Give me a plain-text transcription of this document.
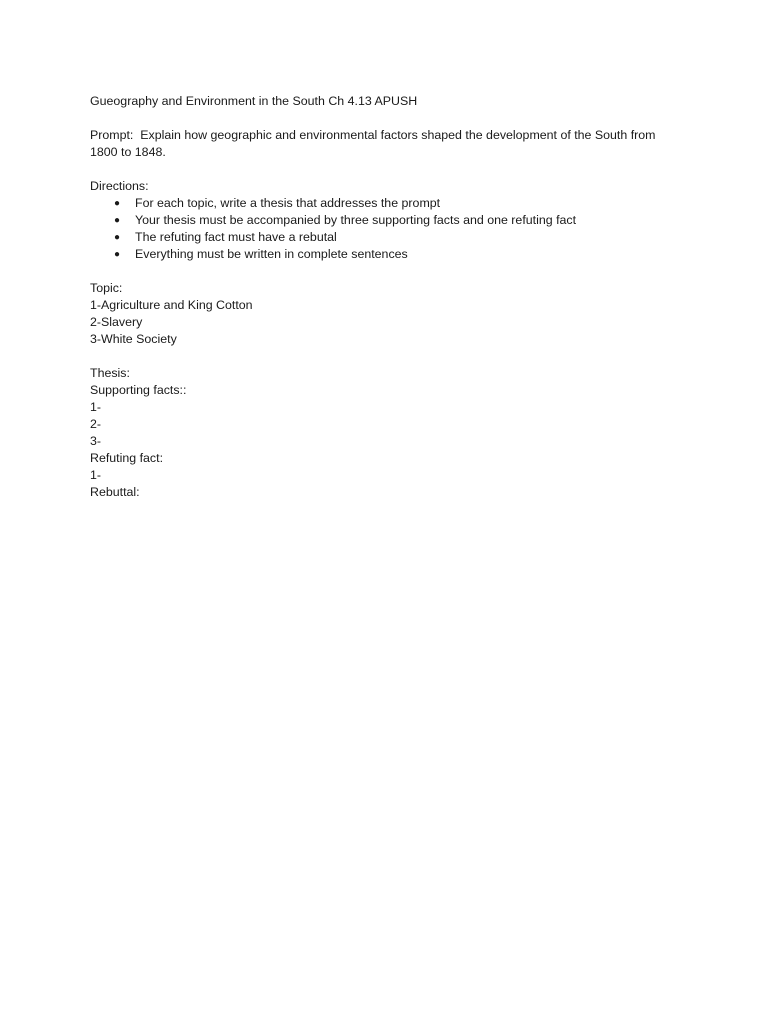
Gueography and Environment in the South Ch 4.13 APUSH
Prompt:  Explain how geographic and environmental factors shaped the development of the South from 1800 to 1848.
Directions:
● For each topic, write a thesis that addresses the prompt
● Your thesis must be accompanied by three supporting facts and one refuting fact
● The refuting fact must have a rebutal
● Everything must be written in complete sentences
Topic:
1-Agriculture and King Cotton
2-Slavery
3-White Society
Thesis:
Supporting facts::
1-
2-
3-
Refuting fact:
1-
Rebuttal:
